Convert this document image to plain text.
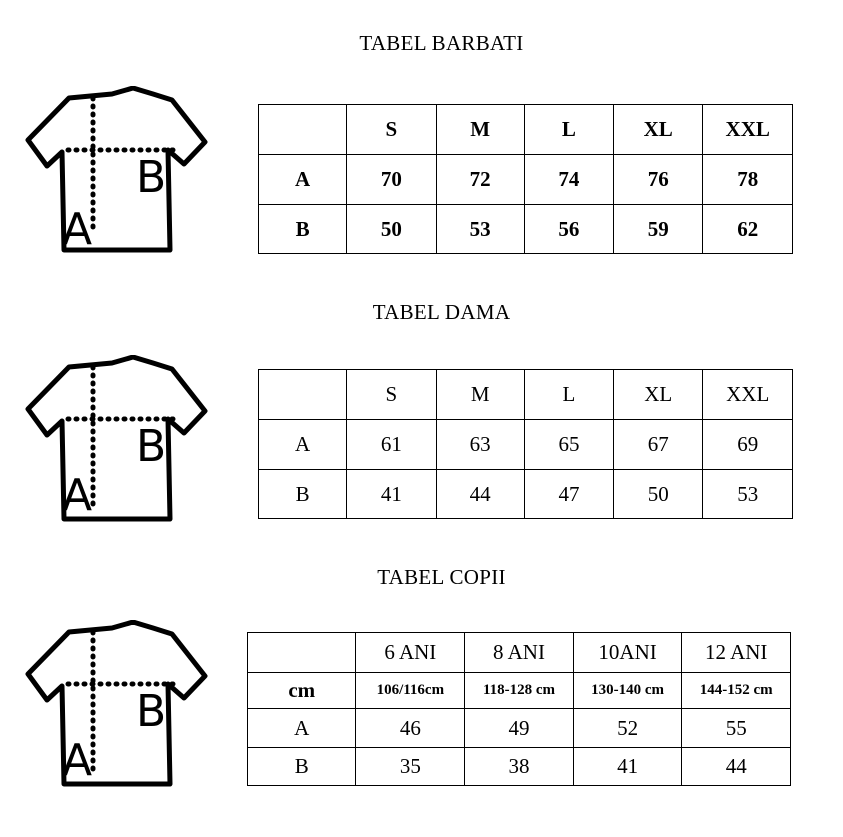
TABEL BARBATI
B
A
	S	M	L	XL	XXL
A	70	72	74	76	78
B	50	53	56	59	62
TABEL DAMA
B
A
	S	M	L	XL	XXL
A	61	63	65	67	69
B	41	44	47	50	53
TABEL COPII
B
A
	6 ANI	8 ANI	10ANI	12 ANI
cm	106/116cm	118-128 cm	130-140 cm	144-152 cm
A	46	49	52	55
B	35	38	41	44
